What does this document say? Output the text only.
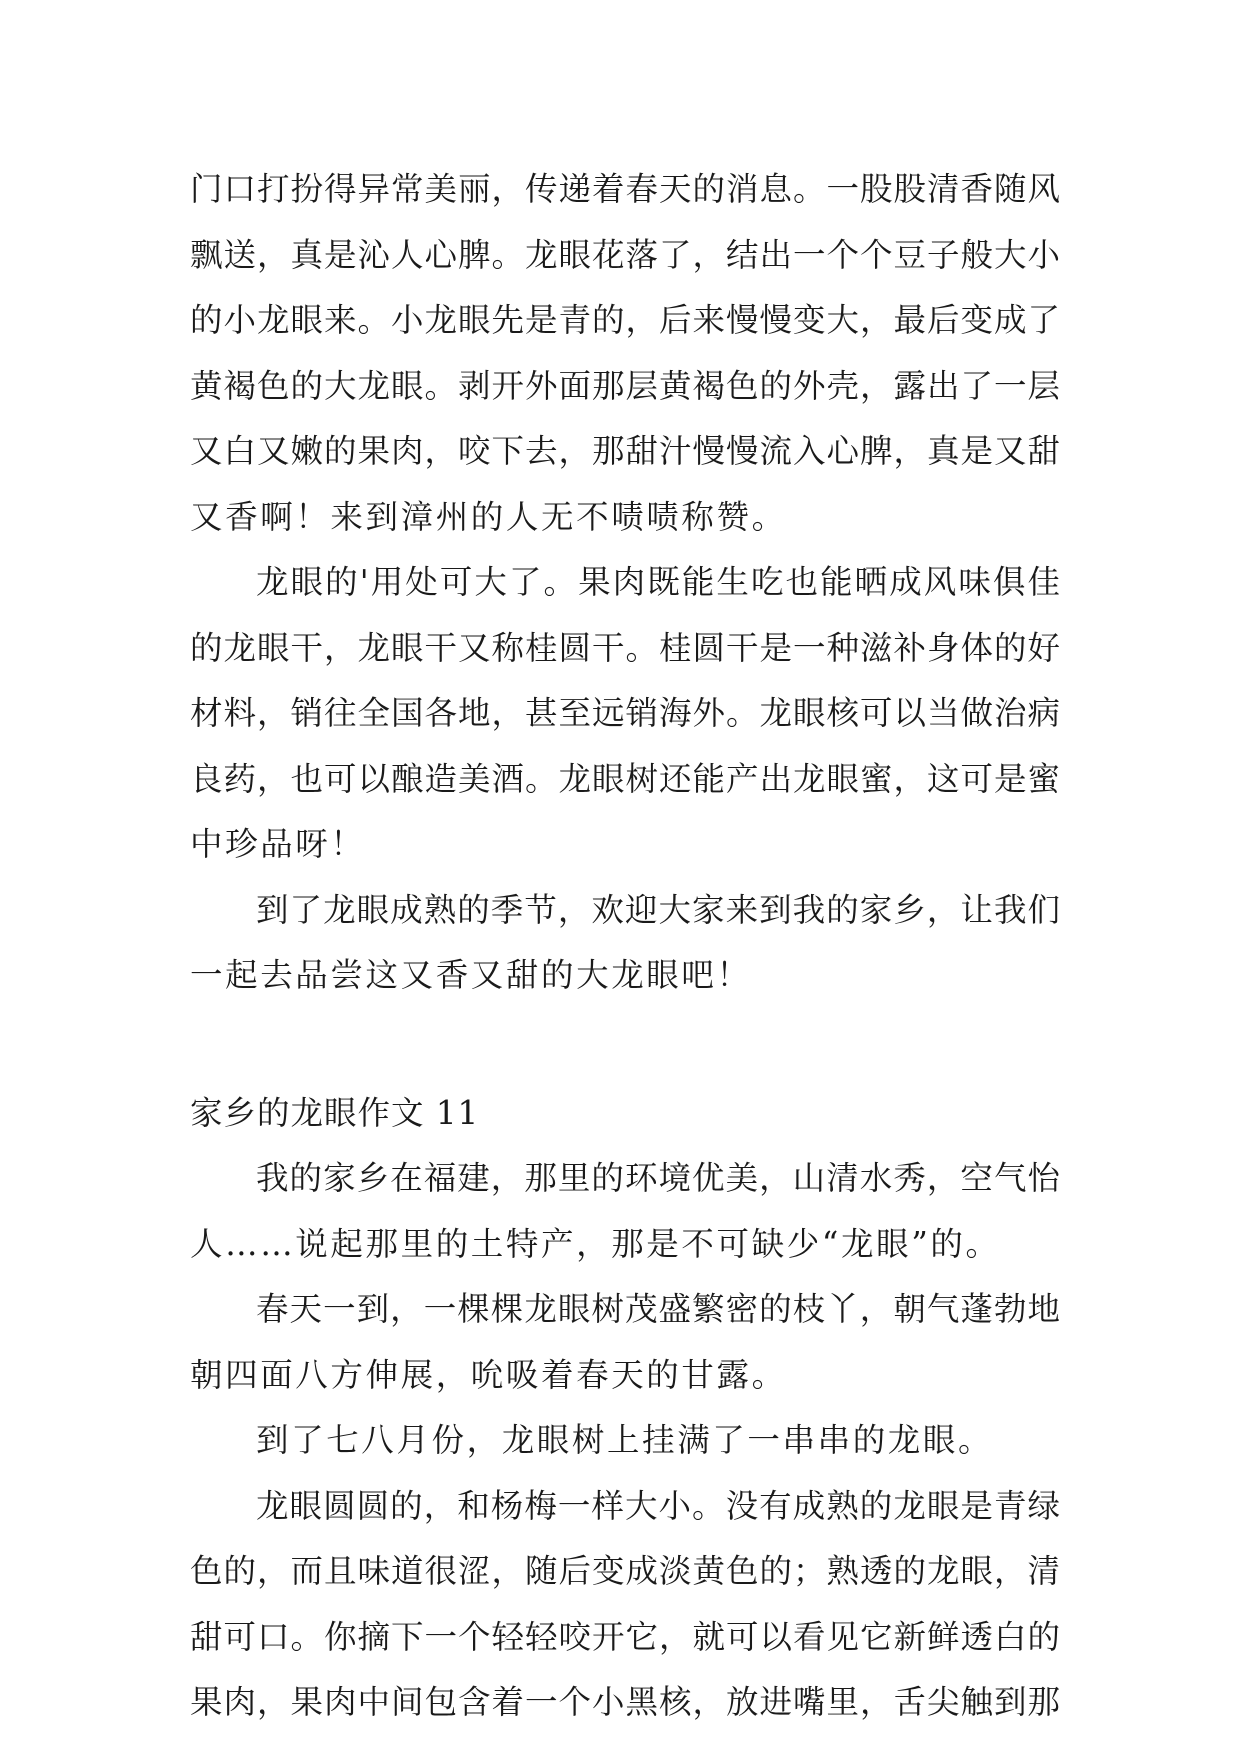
门口打扮得异常美丽，传递着春天的消息。一股股清香随风
飘送，真是沁人心脾。龙眼花落了，结出一个个豆子般大小
的小龙眼来。小龙眼先是青的，后来慢慢变大，最后变成了
黄褐色的大龙眼。剥开外面那层黄褐色的外壳，露出了一层
又白又嫩的果肉，咬下去，那甜汁慢慢流入心脾，真是又甜
又香啊！来到漳州的人无不啧啧称赞。
龙眼的'用处可大了。果肉既能生吃也能晒成风味俱佳
的龙眼干，龙眼干又称桂圆干。桂圆干是一种滋补身体的好
材料，销往全国各地，甚至远销海外。龙眼核可以当做治病
良药，也可以酿造美酒。龙眼树还能产出龙眼蜜，这可是蜜
中珍品呀！
到了龙眼成熟的季节，欢迎大家来到我的家乡，让我们
一起去品尝这又香又甜的大龙眼吧！
家乡的龙眼作文 11
我的家乡在福建，那里的环境优美，山清水秀，空气怡
人……说起那里的土特产，那是不可缺少“龙眼”的。
春天一到，一棵棵龙眼树茂盛繁密的枝丫，朝气蓬勃地
朝四面八方伸展，吮吸着春天的甘露。
到了七八月份，龙眼树上挂满了一串串的龙眼。
龙眼圆圆的，和杨梅一样大小。没有成熟的龙眼是青绿
色的，而且味道很涩，随后变成淡黄色的；熟透的龙眼，清
甜可口。你摘下一个轻轻咬开它，就可以看见它新鲜透白的
果肉，果肉中间包含着一个小黑核，放进嘴里，舌尖触到那
